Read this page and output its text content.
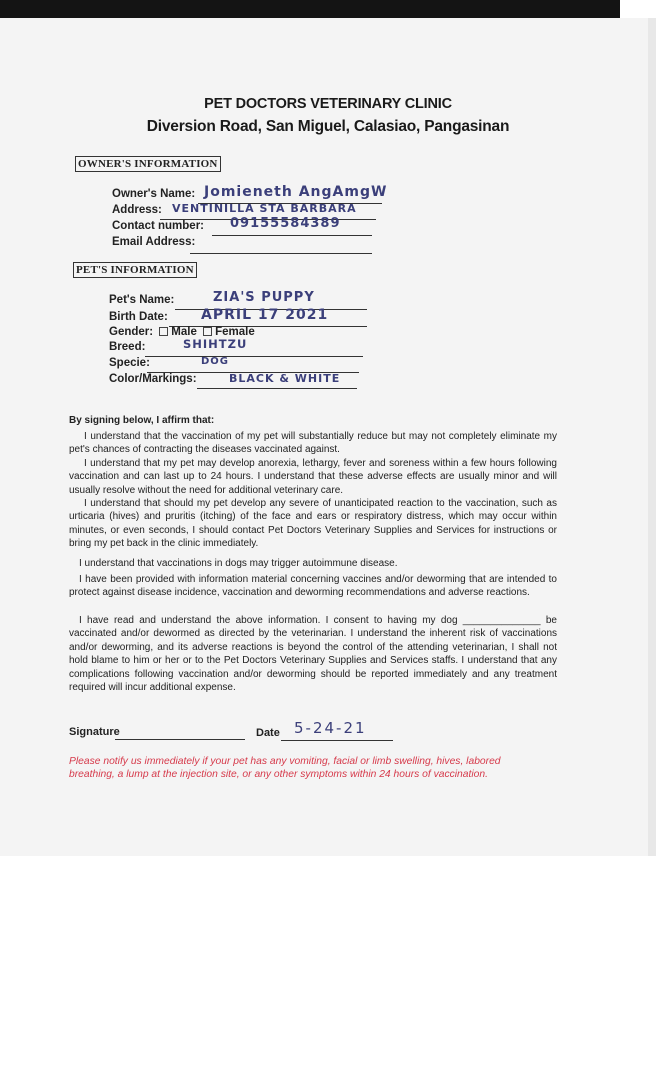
PET DOCTORS VETERINARY CLINIC
Diversion Road, San Miguel, Calasiao, Pangasinan
OWNER'S INFORMATION
Owner's Name: Jomieneth AngAmgW
Address: VENTINILLA STA BARBARA
Contact number: 09155584389
Email Address:
PET'S INFORMATION
Pet's Name:	ZIA'S PUPPY
Birth Date: APRIL 17 2021
Gender: Male Female
Breed:	SHIHTZU
Specie:	DOG
Color/Markings:	BLACK & WHITE
By signing below, I affirm that:
I understand that the vaccination of my pet will substantially reduce but may not completely eliminate my pet's chances of contracting the diseases vaccinated against.
I understand that my pet may develop anorexia, lethargy, fever and soreness within a few hours following vaccination and can last up to 24 hours. I understand that these adverse effects are usually minor and will usually resolve without the need for additional veterinary care.
I understand that should my pet develop any severe of unanticipated reaction to the vaccination, such as urticaria (hives) and pruritis (itching) of the face and ears or respiratory distress, which may occur within minutes, or even seconds, I should contact Pet Doctors Veterinary Supplies and Services for instructions or bring my pet back in the clinic immediately.
I understand that vaccinations in dogs may trigger autoimmune disease.
I have been provided with information material concerning vaccines and/or deworming that are intended to protect against disease incidence, vaccination and deworming recommendations and adverse reactions.
I have read and understand the above information. I consent to having my dog ______________ be vaccinated and/or dewormed as directed by the veterinarian. I understand the inherent risk of vaccinations and/or deworming, and its adverse reactions is beyond the control of the attending veterinarian, I shall not hold blame to him or her or to the Pet Doctors Veterinary Supplies and Services staffs. I understand that any complications following vaccination and/or deworming should be reported immediately and any treatment required will incur additional expense.
Signature	Date 5-24-21
Please notify us immediately if your pet has any vomiting, facial or limb swelling, hives, labored breathing, a lump at the injection site, or any other symptoms within 24 hours of vaccination.
